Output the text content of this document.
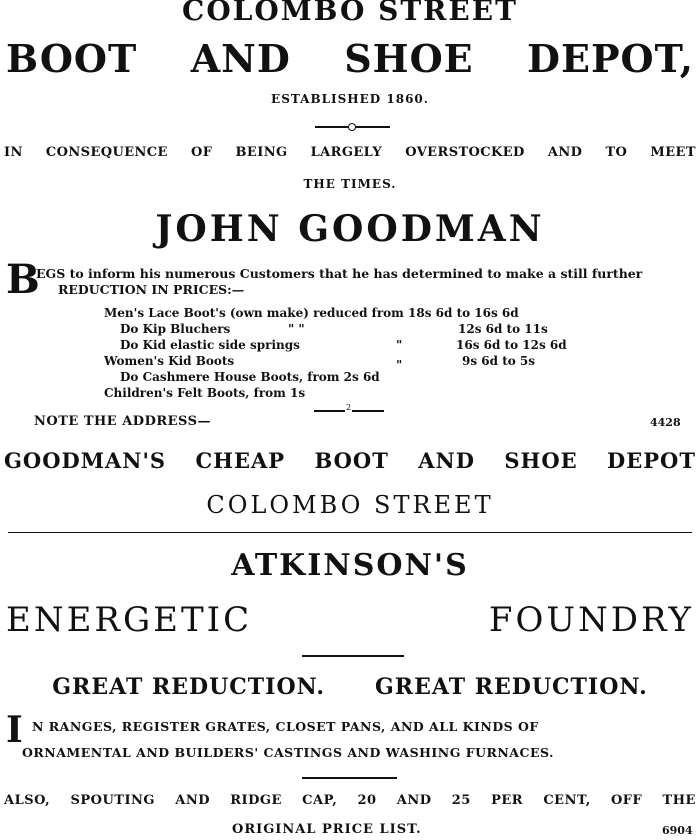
COLOMBO STREET
BOOT AND SHOE DEPOT,
ESTABLISHED 1860.
IN CONSEQUENCE OF BEING LARGELY OVERSTOCKED AND TO MEET
THE TIMES.
JOHN GOODMAN
B
EGS to inform his numerous Customers that he has determined to make a still further
REDUCTION IN PRICES:—
Men's Lace Boot's (own make) reduced from 18s 6d to 16s 6d
Do Kip Bluchers	" "	12s 6d to 11s
Do Kid elastic side springs	"	16s 6d to 12s 6d
Women's Kid Boots	"	9s 6d to 5s
Do Cashmere House Boots, from 2s 6d
Children's Felt Boots, from 1s
2
NOTE THE ADDRESS—	4428
GOODMAN'S CHEAP BOOT AND SHOE DEPOT
COLOMBO STREET
ATKINSON'S
ENERGETIC	FOUNDRY
GREAT REDUCTION. GREAT REDUCTION.
I N RANGES, REGISTER GRATES, CLOSET PANS, AND ALL KINDS OF
ORNAMENTAL AND BUILDERS' CASTINGS AND WASHING FURNACES.
ALSO, SPOUTING AND RIDGE CAP, 20 AND 25 PER CENT, OFF THE
ORIGINAL PRICE LIST.	6904
